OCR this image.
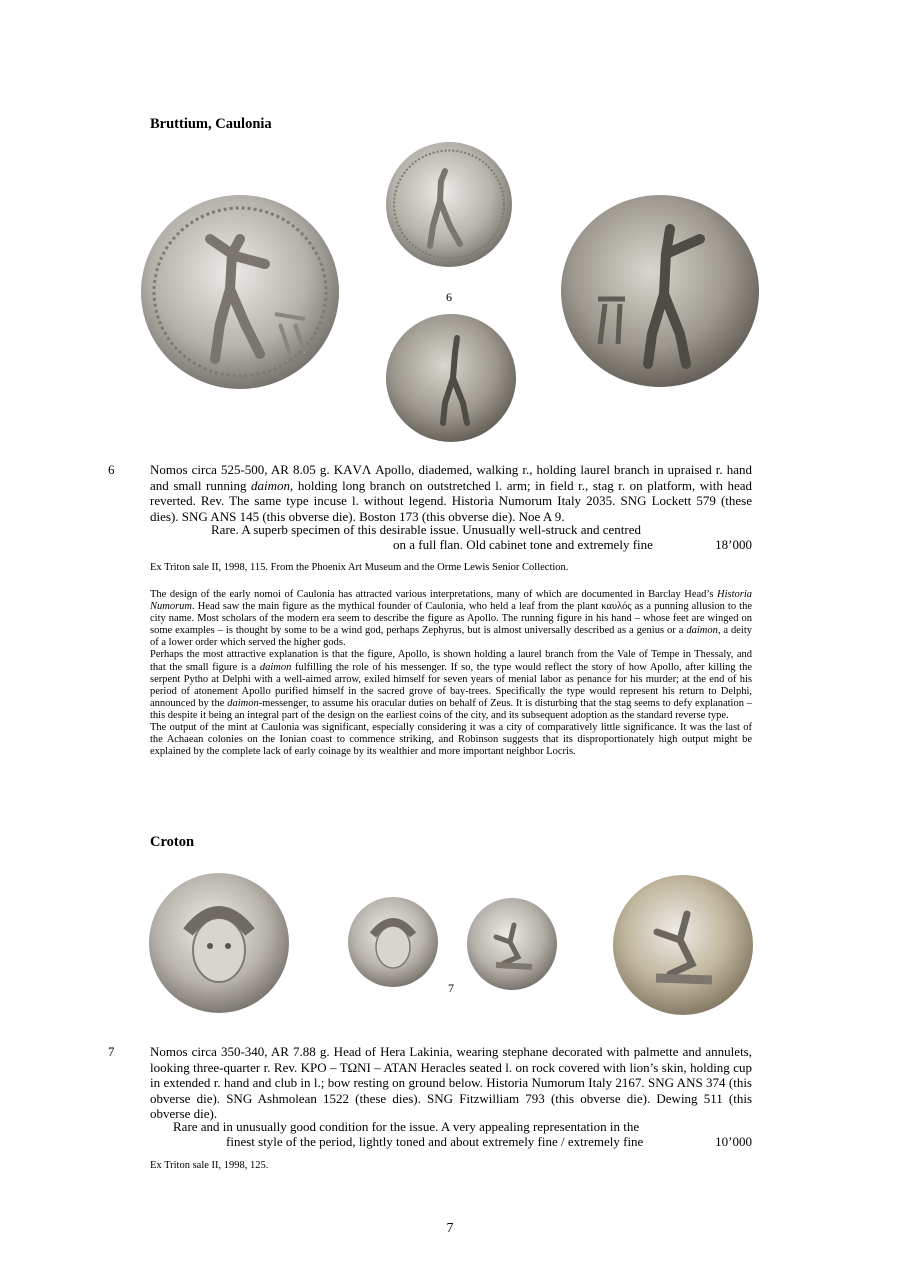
Bruttium, Caulonia
6
6	Nomos circa 525-500, AR 8.05 g. ΚΑVΛ Apollo, diademed, walking r., holding laurel branch in upraised r. hand and small running daimon, holding long branch on outstretched l. arm; in field r., stag r. on platform, with head reverted. Rev. The same type incuse l. without legend. Historia Numorum Italy 2035. SNG Lockett 579 (these dies). SNG ANS 145 (this obverse die). Boston 173 (this obverse die). Noe A 9.
Rare. A superb specimen of this desirable issue. Unusually well-struck and centred
on a full flan. Old cabinet tone and extremely fine	18’000
Ex Triton sale II, 1998, 115. From the Phoenix Art Museum and the Orme Lewis Senior Collection.

The design of the early nomoi of Caulonia has attracted various interpretations, many of which are documented in Barclay Head’s Historia Numorum. Head saw the main figure as the mythical founder of Caulonia, who held a leaf from the plant καυλός as a punning allusion to the city name. Most scholars of the modern era seem to describe the figure as Apollo. The running figure in his hand – whose feet are winged on some examples – is thought by some to be a wind god, perhaps Zephyrus, but is almost universally described as a genius or a daimon, a deity of a lower order which served the higher gods.

Perhaps the most attractive explanation is that the figure, Apollo, is shown holding a laurel branch from the Vale of Tempe in Thessaly, and that the small figure is a daimon fulfilling the role of his messenger. If so, the type would reflect the story of how Apollo, after killing the serpent Pytho at Delphi with a well-aimed arrow, exiled himself for seven years of menial labor as penance for his murder; at the end of his period of atonement Apollo purified himself in the sacred grove of bay-trees. Specifically the type would represent his return to Delphi, announced by the daimon-messenger, to assume his oracular duties on behalf of Zeus. It is disturbing that the stag seems to defy explanation – this despite it being an integral part of the design on the earliest coins of the city, and its subsequent adoption as the standard reverse type.

The output of the mint at Caulonia was significant, especially considering it was a city of comparatively little significance. It was the last of the Achaean colonies on the Ionian coast to commence striking, and Robinson suggests that its disproportionately high output might be explained by the complete lack of early coinage by its wealthier and more important neighbor Locris.

Croton
7
7	Nomos circa 350-340, AR 7.88 g. Head of Hera Lakinia, wearing stephane decorated with palmette and annulets, looking three-quarter r. Rev. ΚΡΟ – ΤΩΝΙ – ΑΤΑΝ Heracles seated l. on rock covered with lion’s skin, holding cup in extended r. hand and club in l.; bow resting on ground below. Historia Numorum Italy 2167. SNG ANS 374 (this obverse die). SNG Ashmolean 1522 (these dies). SNG Fitzwilliam 793 (this obverse die). Dewing 511 (this obverse die).
Rare and in unusually good condition for the issue. A very appealing representation in the
finest style of the period, lightly toned and about extremely fine / extremely fine	10’000
Ex Triton sale II, 1998, 125.
7
